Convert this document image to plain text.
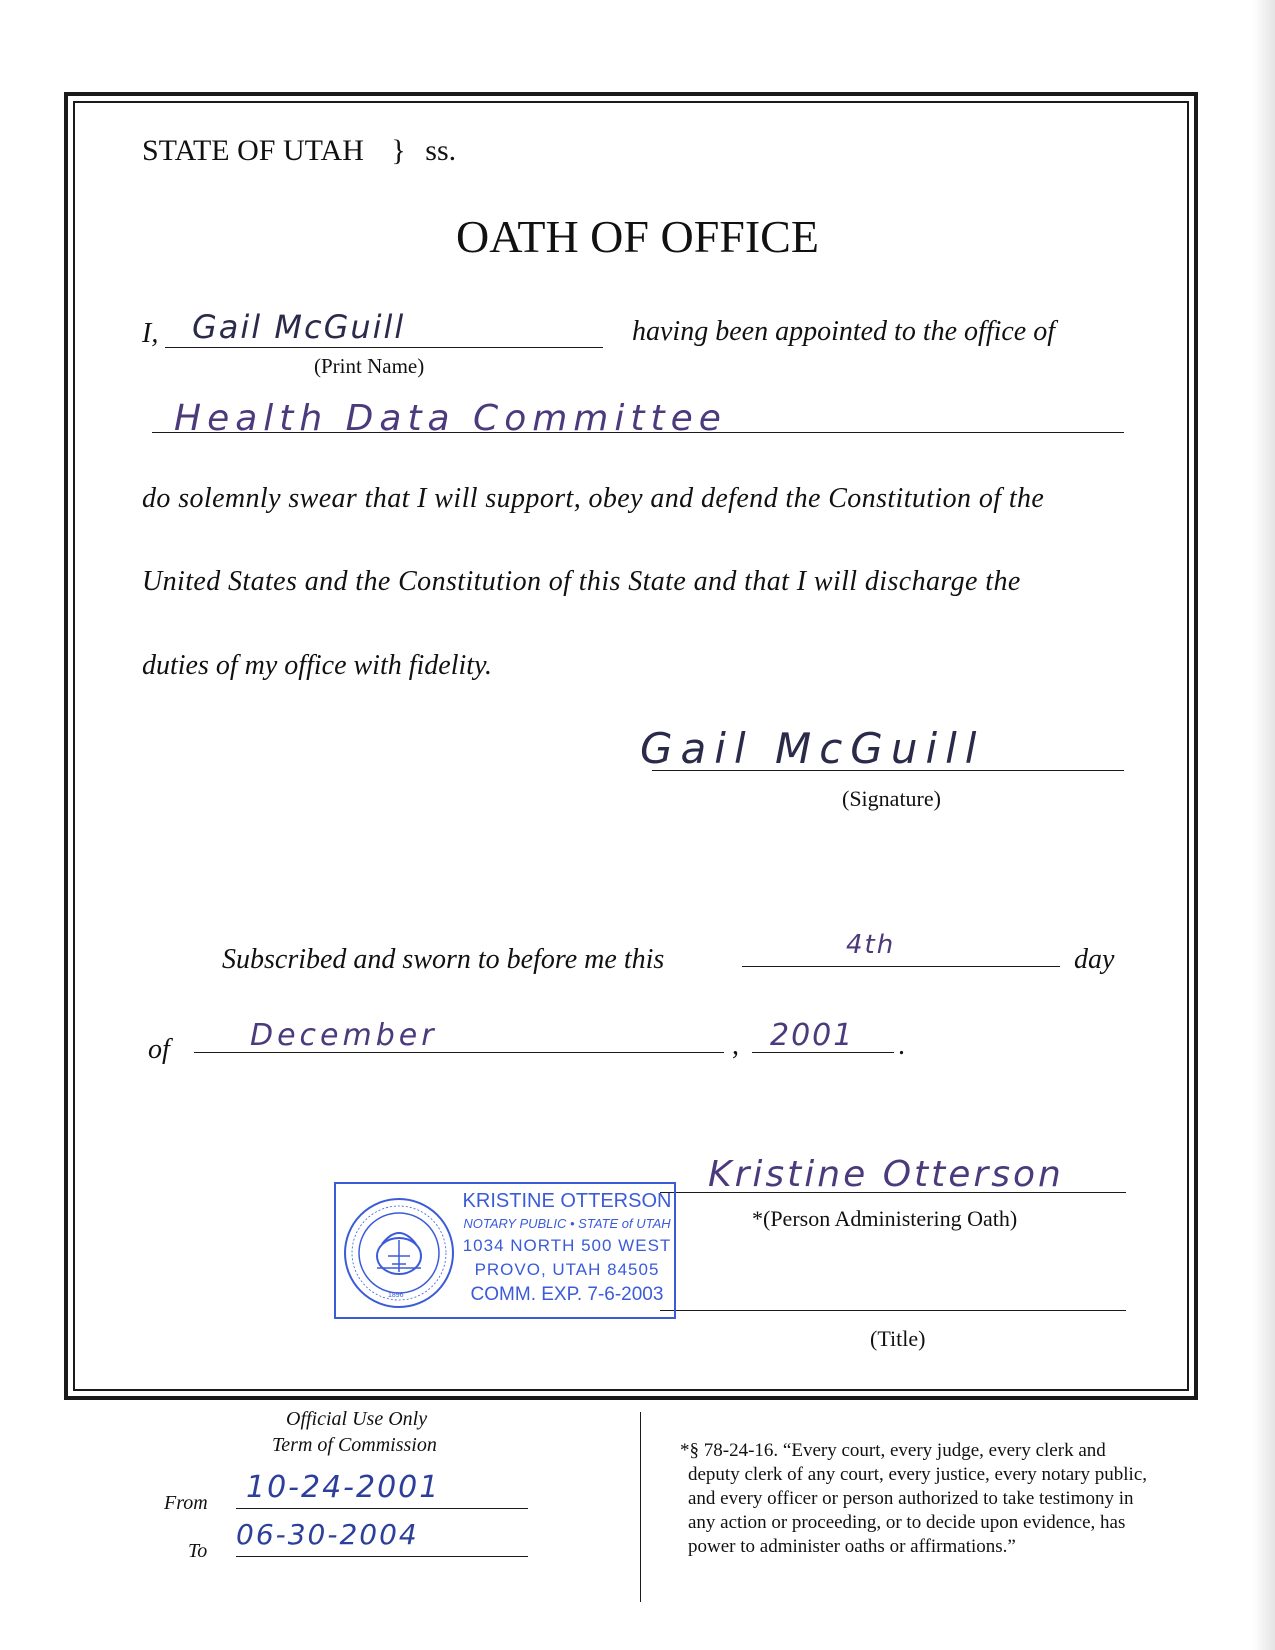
STATE OF UTAH } ss.
OATH OF OFFICE
I, Gail McGuill
(Print Name)
having been appointed to the office of
Health Data Committee
do solemnly swear that I will support, obey and defend the Constitution of the
United States and the Constitution of this State and that I will discharge the
duties of my office with fidelity.
Gail McGuill
(Signature)
Subscribed and sworn to before me this	4th	day
of	December	, 2001 .
Kristine Otterson
*(Person Administering Oath)
(Title)
1896
KRISTINE OTTERSON
NOTARY PUBLIC • STATE of UTAH
1034 NORTH 500 WEST
PROVO, UTAH 84505
COMM. EXP. 7-6-2003
Official Use Only
Term of Commission
From 10-24-2001
To 06-30-2004
*§ 78-24-16. “Every court, every judge, every clerk and
deputy clerk of any court, every justice, every notary public,
and every officer or person authorized to take testimony in
any action or proceeding, or to decide upon evidence, has
power to administer oaths or affirmations.”
